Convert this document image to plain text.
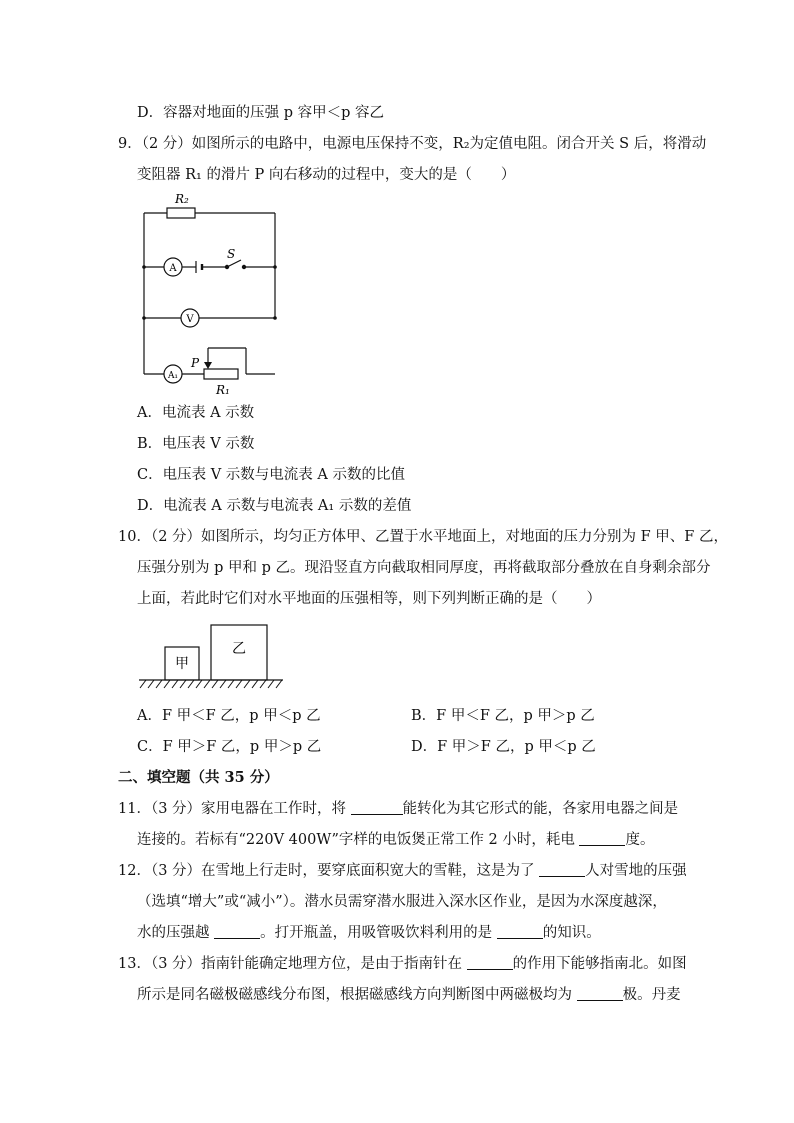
D．容器对地面的压强 p 容甲＜p 容乙
9．（2 分）如图所示的电路中，电源电压保持不变，R₂为定值电阻。闭合开关 S 后，将滑动
变阻器 R₁ 的滑片 P 向右移动的过程中，变大的是（　　）
R₂
S
A
V
A₁
P
R₁
A．电流表 A 示数
B．电压表 V 示数
C．电压表 V 示数与电流表 A 示数的比值
D．电流表 A 示数与电流表 A₁ 示数的差值
10．（2 分）如图所示，均匀正方体甲、乙置于水平地面上，对地面的压力分别为 F 甲、F 乙，
压强分别为 p 甲和 p 乙。现沿竖直方向截取相同厚度，再将截取部分叠放在自身剩余部分
上面，若此时它们对水平地面的压强相等，则下列判断正确的是（　　）
甲
乙
A．F 甲＜F 乙，p 甲＜p 乙	B．F 甲＜F 乙，p 甲＞p 乙
C．F 甲＞F 乙，p 甲＞p 乙	D．F 甲＞F 乙，p 甲＜p 乙
二、填空题（共 35 分）
11．（3 分）家用电器在工作时，将	能转化为其它形式的能，各家用电器之间是
连接的。若标有“220V 400W”字样的电饭煲正常工作 2 小时，耗电	度。
12．（3 分）在雪地上行走时，要穿底面积宽大的雪鞋，这是为了	人对雪地的压强
（选填“增大”或“减小”）。潜水员需穿潜水服进入深水区作业，是因为水深度越深，
水的压强越	。打开瓶盖，用吸管吸饮料利用的是	的知识。
13．（3 分）指南针能确定地理方位，是由于指南针在	的作用下能够指南北。如图
所示是同名磁极磁感线分布图，根据磁感线方向判断图中两磁极均为	极。丹麦
